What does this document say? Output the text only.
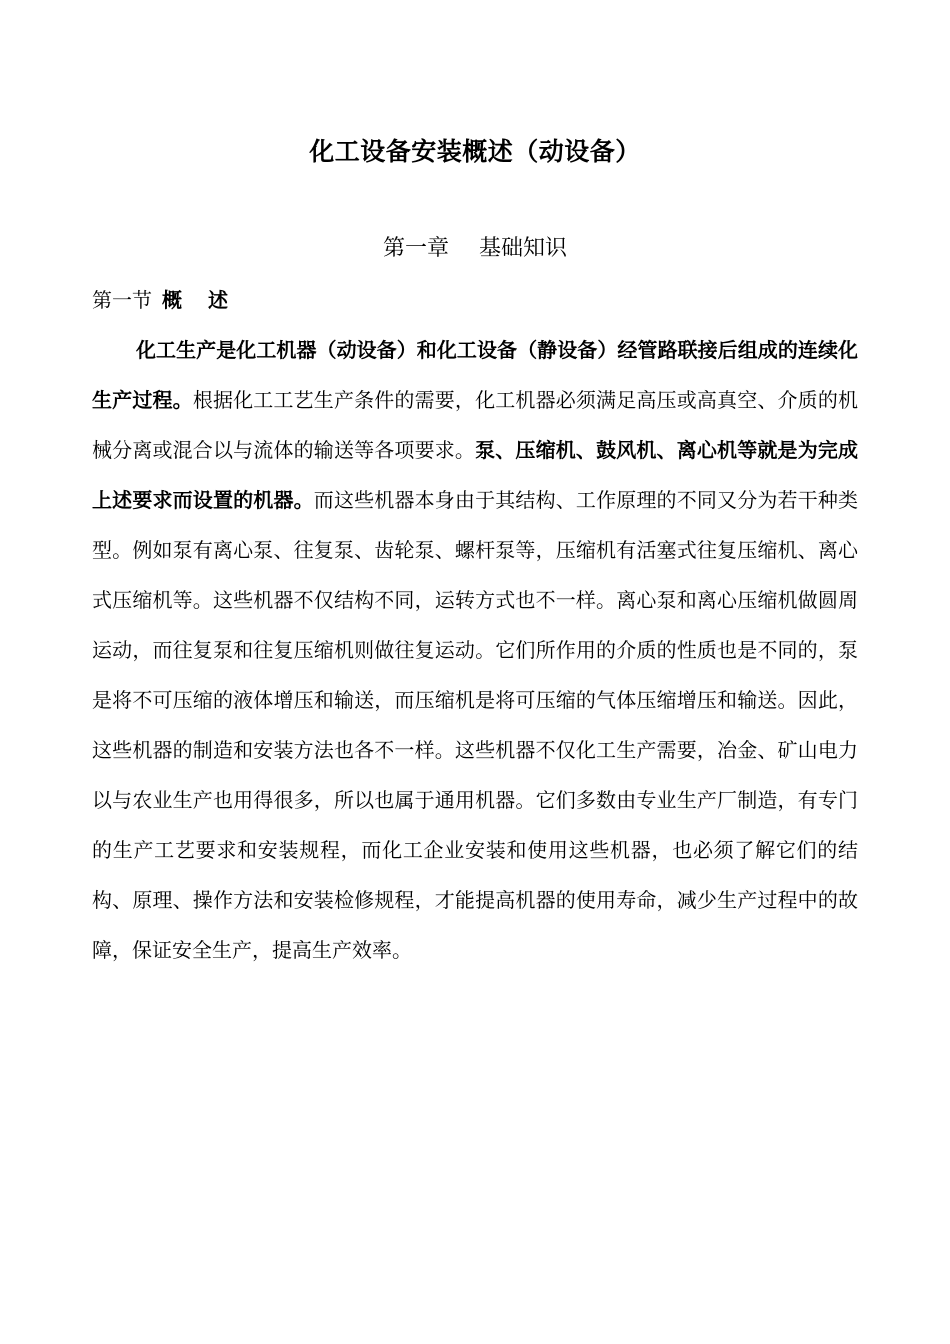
化工设备安装概述（动设备）
第一章 基础知识
第一节 概 述

化工生产是化工机器（动设备）和化工设备（静设备）经管路联接后组成的连续化生产过程。根据化工工艺生产条件的需要，化工机器必须满足高压或高真空、介质的机械分离或混合以与流体的输送等各项要求。泵、压缩机、鼓风机、离心机等就是为完成上述要求而设置的机器。而这些机器本身由于其结构、工作原理的不同又分为若干种类型。例如泵有离心泵、往复泵、齿轮泵、螺杆泵等，压缩机有活塞式往复压缩机、离心式压缩机等。这些机器不仅结构不同，运转方式也不一样。离心泵和离心压缩机做圆周运动，而往复泵和往复压缩机则做往复运动。它们所作用的介质的性质也是不同的，泵是将不可压缩的液体增压和输送，而压缩机是将可压缩的气体压缩增压和输送。因此，这些机器的制造和安装方法也各不一样。这些机器不仅化工生产需要，冶金、矿山电力以与农业生产也用得很多，所以也属于通用机器。它们多数由专业生产厂制造，有专门的生产工艺要求和安装规程，而化工企业安装和使用这些机器，也必须了解它们的结构、原理、操作方法和安装检修规程，才能提高机器的使用寿命，减少生产过程中的故障，保证安全生产，提高生产效率。
